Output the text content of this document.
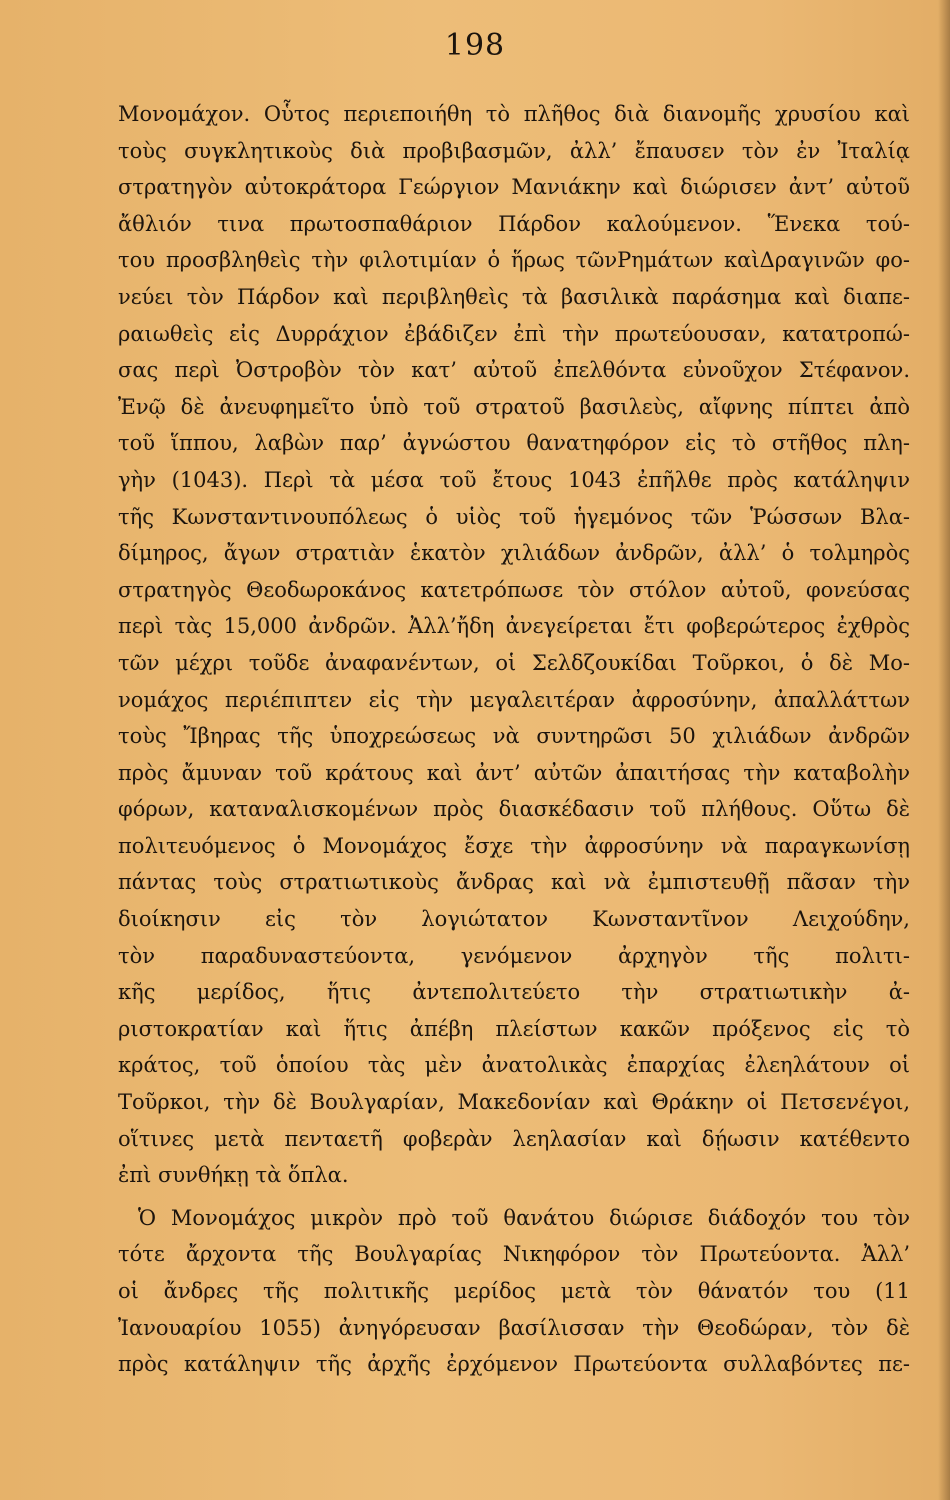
198
Μονομάχον. Οὗτος περιεποιήθη τὸ πλῆθος διὰ διανομῆς χρυσίου καὶ
τοὺς συγκλητικοὺς διὰ προβιβασμῶν, ἀλλ’ ἔπαυσεν τὸν ἐν Ἰταλίᾳ
στρατηγὸν αὐτοκράτορα Γεώργιον Μανιάκην καὶ διώρισεν ἀντ’ αὐτοῦ
ἄθλιόν τινα πρωτοσπαθάριον Πάρδον καλούμενον. Ἕνεκα τού-
του προσβληθεὶς τὴν φιλοτιμίαν ὁ ἥρως τῶνΡημάτων καὶΔραγινῶν φο-
νεύει τὸν Πάρδον καὶ περιβληθεὶς τὰ βασιλικὰ παράσημα καὶ διαπε-
ραιωθεὶς εἰς Δυρράχιον ἐβάδιζεν ἐπὶ τὴν πρωτεύουσαν, κατατροπώ-
σας περὶ Ὀστροβὸν τὸν κατ’ αὐτοῦ ἐπελθόντα εὐνοῦχον Στέφανον.
Ἐνῷ δὲ ἀνευφημεῖτο ὑπὸ τοῦ στρατοῦ βασιλεὺς, αἴφνης πίπτει ἀπὸ
τοῦ ἵππου, λαβὼν παρ’ ἀγνώστου θανατηφόρον εἰς τὸ στῆθος πλη-
γὴν (1043). Περὶ τὰ μέσα τοῦ ἔτους 1043 ἐπῆλθε πρὸς κατάληψιν
τῆς Κωνσταντινουπόλεως ὁ υἱὸς τοῦ ἡγεμόνος τῶν Ῥώσσων Βλα-
δίμηρος, ἄγων στρατιὰν ἑκατὸν χιλιάδων ἀνδρῶν, ἀλλ’ ὁ τολμηρὸς
στρατηγὸς Θεοδωροκάνος κατετρόπωσε τὸν στόλον αὐτοῦ, φονεύσας
περὶ τὰς 15,000 ἀνδρῶν. Ἀλλ’ἤδη ἀνεγείρεται ἔτι φοβερώτερος ἐχθρὸς
τῶν μέχρι τοῦδε ἀναφανέντων, οἱ Σελδζουκίδαι Τοῦρκοι, ὁ δὲ Μο-
νομάχος περιέπιπτεν εἰς τὴν μεγαλειτέραν ἀφροσύνην, ἀπαλλάττων
τοὺς Ἴβηρας τῆς ὑποχρεώσεως νὰ συντηρῶσι 50 χιλιάδων ἀνδρῶν
πρὸς ἄμυναν τοῦ κράτους καὶ ἀντ’ αὐτῶν ἀπαιτήσας τὴν καταβολὴν
φόρων, καταναλισκομένων πρὸς διασκέδασιν τοῦ πλήθους. Οὕτω δὲ
πολιτευόμενος ὁ Μονομάχος ἔσχε τὴν ἀφροσύνην νὰ παραγκωνίσῃ
πάντας τοὺς στρατιωτικοὺς ἄνδρας καὶ νὰ ἐμπιστευθῇ πᾶσαν τὴν
διοίκησιν εἰς τὸν λογιώτατον Κωνσταντῖνον Λειχούδην,
τὸν παραδυναστεύοντα, γενόμενον ἀρχηγὸν τῆς πολιτι-
κῆς μερίδος, ἥτις ἀντεπολιτεύετο τὴν στρατιωτικὴν ἀ-
ριστοκρατίαν καὶ ἥτις ἀπέβη πλείστων κακῶν πρόξενος εἰς τὸ
κράτος, τοῦ ὁποίου τὰς μὲν ἀνατολικὰς ἐπαρχίας ἐλεηλάτουν οἱ
Τοῦρκοι, τὴν δὲ Βουλγαρίαν, Μακεδονίαν καὶ Θράκην οἱ Πετσενέγοι,
οἵτινες μετὰ πενταετῆ φοβερὰν λεηλασίαν καὶ δῄωσιν κατέθεντο
ἐπὶ συνθήκῃ τὰ ὅπλα.
Ὁ Μονομάχος μικρὸν πρὸ τοῦ θανάτου διώρισε διάδοχόν του τὸν
τότε ἄρχοντα τῆς Βουλγαρίας Νικηφόρον τὸν Πρωτεύοντα. Ἀλλ’
οἱ ἄνδρες τῆς πολιτικῆς μερίδος μετὰ τὸν θάνατόν του (11
Ἰανουαρίου 1055) ἀνηγόρευσαν βασίλισσαν τὴν Θεοδώραν, τὸν δὲ
πρὸς κατάληψιν τῆς ἀρχῆς ἐρχόμενον Πρωτεύοντα συλλαβόντες πε-
